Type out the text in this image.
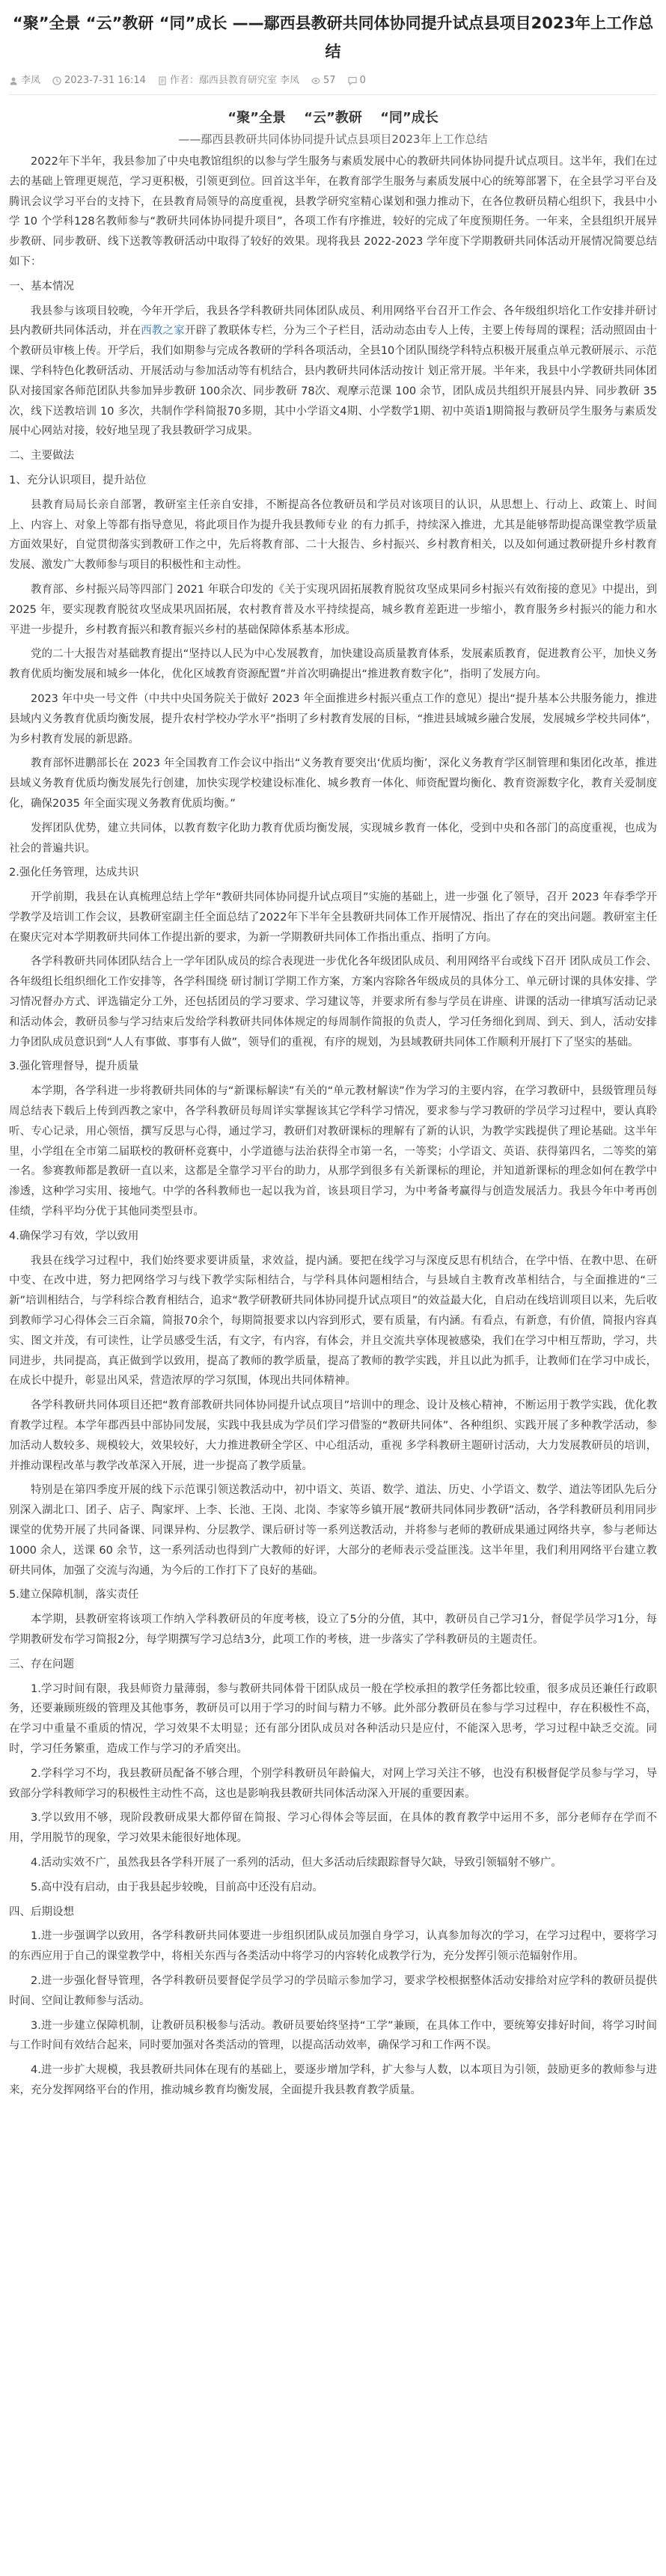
“聚”全景 “云”教研 “同”成长 ——鄢西县教研共同体协同提升试点县项目2023年上工作总结
李凤 2023-7-31 16:14 作者：鄢西县教育研究室 李凤 57 0
“聚”全景 “云”教研 “同”成长
——鄢西县教研共同体协同提升试点县项目2023年上工作总结

2022年下半年，我县参加了中央电教馆组织的以参与学生服务与素质发展中心的教研共同体协同提升试点项目。这半年，我们在过去的基础上管理更规范，学习更积极，引领更到位。回首这半年，在教育部学生服务与素质发展中心的统筹部署下，在全县学习平台及腾讯会议学习平台的支持下，在县教育局领导的高度重视，县教学研究室精心谋划和强力推动下，在各位教研员精心组织下，我县中小学 10 个学科128名教师参与“教研共同体协同提升项目”，各项工作有序推进，较好的完成了年度预期任务。一年来，全县组织开展异步教研、同步教研、线下送教等教研活动中取得了较好的效果。现将我县 2022-2023 学年度下学期教研共同体活动开展情况简要总结如下：

一、基本情况

我县参与该项目较晚，今年开学后，我县各学科教研共同体团队成员、利用网络平台召开工作会、各年级组织培化工作安排并研讨 县内教研共同体活动，并在西教之家开辟了教联体专栏，分为三个子栏目，活动动态由专人上传，主要上传每周的课程；活动照固由十个教研员审核上传。开学后，我们如期参与完成各教研的学科各项活动，全县10个团队围绕学科特点积极开展重点单元教研展示、示范课、学科特色化教研活动、开展活动与参加活动等有机结合，县内教研共同体活动按计 划正常开展。半年来，我县中小学教研共同体团队对接国家各师范团队共参加异步教研 100余次、同步教研 78次、观摩示范课 100 余节，团队成员共组织开展县内异、同步教研 35 次，线下送教培训 10 多次，共制作学科简报70多期，其中小学语文4期、小学数学1期、初中英语1期简报与教研员学生服务与素质发展中心网站对接，较好地呈现了我县教研学习成果。

二、主要做法

1、充分认识项目，提升站位

县教育局局长亲自部署，教研室主任亲自安排，不断提高各位教研员和学员对该项目的认识，从思想上、行动上、政策上、时间上、内容上、对象上等都有指导意见，将此项目作为提升我县教师专业 的有力抓手，持续深入推进，尤其是能够帮助提高课堂教学质量方面效果好，自觉贯彻落实到教研工作之中，先后将教育部、二十大报告、乡村振兴、乡村教育相关，以及如何通过教研提升乡村教育发展、激发广大教师参与项目的积极性和主动性。

教育部、乡村振兴局等四部门 2021 年联合印发的《关于实现巩固拓展教育脱贫攻坚成果同乡村振兴有效衔接的意见》中提出，到 2025 年，要实现教育脱贫攻坚成果巩固拓展，农村教育普及水平持续提高，城乡教育差距进一步缩小，教育服务乡村振兴的能力和水平进一步提升，乡村教育振兴和教育振兴乡村的基础保障体系基本形成。

党的二十大报告对基础教育提出“坚持以人民为中心发展教育，加快建设高质量教育体系，发展素质教育，促进教育公平，加快义务教育优质均衡发展和城乡一体化，优化区域教育资源配置”并首次明确提出“推进教育数字化”，指明了发展方向。

2023 年中央一号文件（中共中央国务院关于做好 2023 年全面推进乡村振兴重点工作的意见）提出“提升基本公共服务能力，推进县域内义务教育优质均衡发展，提升农村学校办学水平”指明了乡村教育发展的目标，“推进县域城乡融合发展，发展城乡学校共同体”，为乡村教育发展的新思路。

教育部怀进鹏部长在 2023 年全国教育工作会议中指出“义务教育要突出‘优质均衡’，深化义务教育学区制管理和集团化改革，推进县域义务教育优质均衡发展先行创建，加快实现学校建设标准化、城乡教育一体化、师资配置均衡化、教育资源数字化，教育关爱制度化，确保2035 年全面实现义务教育优质均衡。”

发挥团队优势，建立共同体，以教育数字化助力教育优质均衡发展，实现城乡教育一体化，受到中央和各部门的高度重视，也成为社会的普遍共识。

2.强化任务管理，达成共识

开学前期，我县在认真梳理总结上学年“教研共同体协同提升试点项目”实施的基础上，进一步强 化了领导，召开 2023 年春季学开学教学及培训工作会议，县教研室副主任全面总结了2022年下半年全县教研共同体工作开展情况、指出了存在的突出问题。教研室主任在聚庆完对本学期教研共同体工作提出新的要求，为新一学期教研共同体工作指出重点、指明了方向。

各学科教研共同体团队结合上一学年团队成员的综合表现进一步优化各年级团队成员、利用网络平台或线下召开 团队成员工作会、各年级组长组织细化工作安排等，各学科围绕 研讨制订学期工作方案，方案内容除各年级成员的具体分工、单元研讨课的具体安排、学习情况督办方式、评选锚定分工外，还包括团员的学习要求、学习建议等，并要求所有参与学员在讲座、讲课的活动一律填写活动记录和活动体会，教研员参与学习结束后发给学科教研共同体体规定的每周制作简报的负责人，学习任务细化到周、到天、到人，活动安排力争团队成员意识到“人人有事做、事事有人做”，领导们的重视，有序的规划，为县域教研共同体工作顺利开展打下了坚实的基础。

3.强化管理督导，提升质量

本学期，各学科进一步将教研共同体的与“新课标解读”有关的“单元教材解读”作为学习的主要内容，在学习教研中，县级管理员每周总结表下载后上传到西教之家中，各学科教研员每周详实掌握该其它学科学习情况，要求参与学习教研的学员学习过程中，要认真聆听、专心记录，用心领悟，撰写反思与心得，通过学习，教研们对教研课标的理解有了新的认识，为教学实践提供了理论基础。这半年里，小学组在全市第二届联校的教研杯竞赛中，小学道德与法治获得全市第一名，一等奖；小学语文、英语、获得第四名，二等奖的第一名。参赛教师都是教研一直以来，这都是全靠学习平台的助力，从那学到很多有关新课标的理论，并知道新课标的理念如何在教学中渗透，这种学习实用、接地气。中学的各科教师也一起以我为首，该县项目学习，为中考备考赢得与创造发展活力。我县今年中考再创佳绩，学科平均分优于其他同类型县市。

4.确保学习有效，学以致用

我县在线学习过程中，我们始终要求要讲质量，求效益，提内涵。要把在线学习与深度反思有机结合，在学中悟、在教中思、在研中变、在改中进，努力把网络学习与线下教学实际相结合，与学科具体问题相结合，与县域自主教育改革相结合，与全面推进的“三新”培训相结合，与学科综合教育相结合，追求“教学研教研共同体协同提升试点项目”的效益最大化，自启动在线培训项目以来，先后收到教师学习心得体会三百余篇，简报70余个，每期简报要求以内容到形式，要有质量，有内涵。有看点，有新意，有价值，简报内容真实、图文并茂，有可读性，让学员感受生活，有文字，有内容，有体会，并且交流共享体现被感染，我们在学习中相互帮助，学习，共同进步，共同提高，真正做到学以致用，提高了教师的教学质量，提高了教师的教学实践，并且以此为抓手，让教师们在学习中成长，在成长中提升，彰显出风采，营造浓厚的学习氛围，体现出共同体精神。

各学科教研共同体项目还把“教育部教研共同体协同提升试点项目”培训中的理念、设计及核心精神，不断运用于教学实践，优化教育教学过程。本学年郡西县中部协同发展，实践中我县成为学员们学习借鉴的“教研共同体”、各种组织、实践开展了多种教学活动，参加活动人数较多、规模较大，效果较好，大力推进教研全学区、中心组活动，重视 多学科教研主题研讨活动，大力发展教研员的培训，并推动课程改革与教学改革深入开展，进一步提高了教学质量。

特别是在第四季度开展的线下示范课引领送教活动中，初中语文、英语、数学、道法、历史、小学语文、数学、道法等团队先后分别深入湖北口、团子、店子、陶家坪、上李、长池、王岗、北岗、李家等乡镇开展“教研共同体同步教研”活动，各学科教研员利用同步课堂的优势开展了共同备课、同课异构、分层教学、课后研讨等一系列送教活动，并将参与老师的教研成果通过网络共享，参与老师达 1000 余人，送课 60 余节，这一系列活动也得到广大教师的好评，大部分的老师表示受益匪浅。这半年里，我们利用网络平台建立教研共同体，加强了交流与沟通，为今后的工作打下了良好的基础。

5.建立保障机制，落实责任

本学期，县教研室将该项工作纳入学科教研员的年度考核，设立了5分的分值，其中，教研员自己学习1分，督促学员学习1分，每学期教研发布学习简报2分，每学期撰写学习总结3分，此项工作的考核，进一步落实了学科教研员的主题责任。

三、存在问题

1.学习时间有限，我县师资力量薄弱，参与教研共同体骨干团队成员一般在学校承担的教学任务都比较重，很多成员还兼任行政职务，还要兼顾班级的管理及其他事务，教研员可以用于学习的时间与精力不够。此外部分教研员在参与学习过程中，存在积极性不高，在学习中重量不重质的情况，学习效果不太明显；还有部分团队成员对各种活动只是应付，不能深入思考，学习过程中缺乏交流。同时，学习任务繁重，造成工作与学习的矛盾突出。

2.学科学习不均，我县教研员配备不够合理，个别学科教研员年龄偏大，对网上学习关注不够，也没有积极督促学员参与学习，导致部分学科教师学习的积极性主动性不高，这也是影响我县教研共同体活动深入开展的重要因素。

3.学以致用不够，现阶段教研成果大都停留在简报、学习心得体会等层面，在具体的教育教学中运用不多，部分老师存在学而不用，学用脱节的现象，学习效果未能很好地体现。

4.活动实效不广，虽然我县各学科开展了一系列的活动，但大多活动后续跟踪督导欠缺，导致引领辐射不够广。

5.高中没有启动，由于我县起步较晚，目前高中还没有启动。

四、后期设想

1.进一步强调学以致用，各学科教研共同体要进一步组织团队成员加强自身学习，认真参加每次的学习，在学习过程中，要将学习的东西应用于自己的课堂教学中，将相关东西与各类活动中将学习的内容转化成教学行为，充分发挥引领示范辐射作用。

2.进一步强化督导管理，各学科教研员要督促学员学习的学员暗示参加学习，要求学校根据整体活动安排给对应学科的教研员提供时间、空间让教师参与活动。

3.进一步建立保障机制，让教研员积极参与活动。教研员要始终坚持“工学”兼顾，在具体工作中，要统筹安排好时间，将学习时间与工作时间有效结合起来，同时要加强对各类活动的管理，以提高活动效率，确保学习和工作两不误。

4.进一步扩大规模，我县教研共同体在现有的基础上，要逐步增加学科，扩大参与人数，以本项目为引领，鼓励更多的教师参与进来，充分发挥网络平台的作用，推动城乡教育均衡发展，全面提升我县教育教学质量。
